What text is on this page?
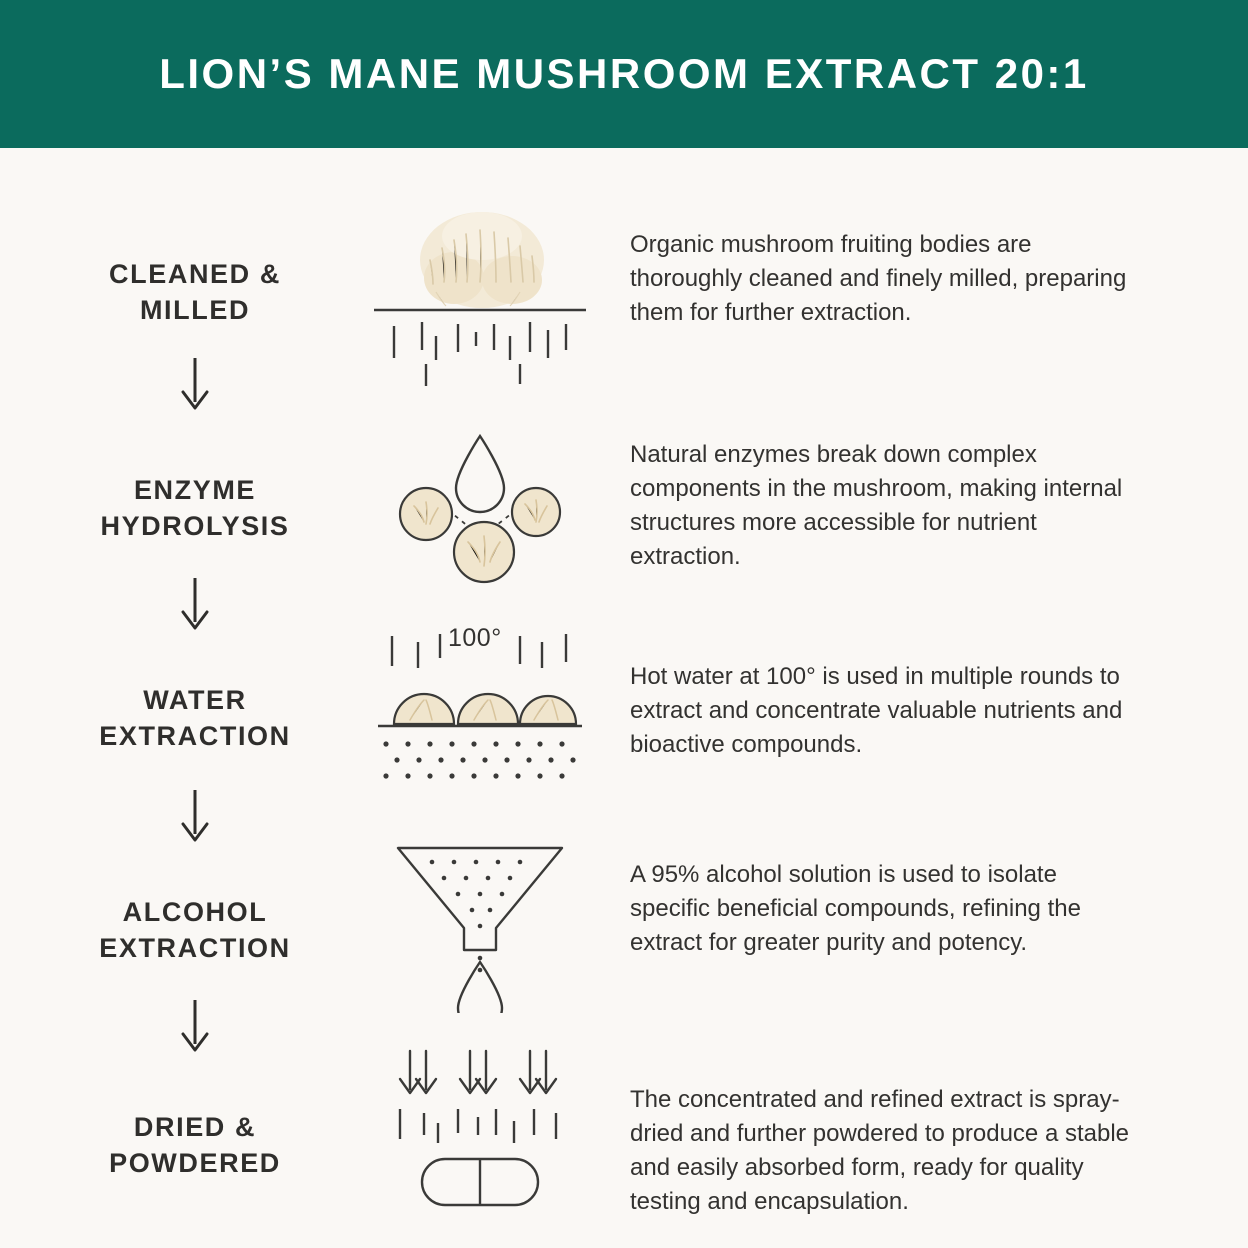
LION’S MANE MUSHROOM EXTRACT 20:1
CLEANED & MILLED
Organic mushroom fruiting bodies are thoroughly cleaned and finely milled, preparing them for further extraction.
ENZYME HYDROLYSIS
Natural enzymes break down complex components in the mushroom, making internal structures more accessible for nutrient extraction.
WATER EXTRACTION
100°
Hot water at 100° is used in multiple rounds to extract and concentrate valuable nutrients and bioactive compounds.
ALCOHOL EXTRACTION
A 95% alcohol solution is used to isolate specific beneficial compounds, refining the extract for greater purity and potency.
DRIED & POWDERED
The concentrated and refined extract is spray-dried and further powdered to produce a stable and easily absorbed form, ready for quality testing and encapsulation.
